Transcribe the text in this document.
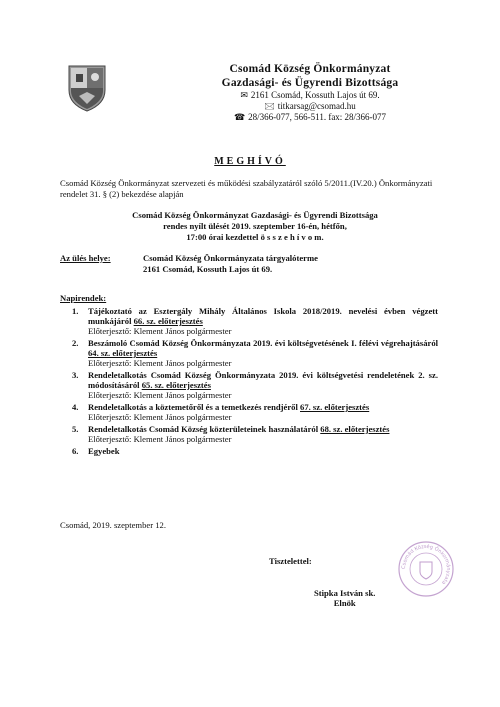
Csomád Község Önkormányzat
Gazdasági- és Ügyrendi Bizottsága
✉ 2161 Csomád, Kossuth Lajos út 69.
🖂 titkarsag@csomad.hu
☎ 28/366-077, 566-511. fax: 28/366-077
MEGHÍVÓ
Csomád Község Önkormányzat szervezeti és működési szabályzatáról szóló 5/2011.(IV.20.) Önkormányzati rendelet 31. § (2) bekezdése alapján
Csomád Község Önkormányzat Gazdasági- és Ügyrendi Bizottsága
rendes nyílt ülését 2019. szeptember 16-én, hétfőn,
17:00 órai kezdettel ö s s z e h í v o m.
Az ülés helye:	Csomád Község Önkormányzata tárgyalóterme
2161 Csomád, Kossuth Lajos út 69.
Napirendek:
1. Tájékoztató az Esztergály Mihály Általános Iskola 2018/2019. nevelési évben végzett munkájáról 66. sz. előterjesztés
Előterjesztő: Klement János polgármester
2. Beszámoló Csomád Község Önkormányzata 2019. évi költségvetésének I. félévi végrehajtásáról 64. sz. előterjesztés
Előterjesztő: Klement János polgármester
3. Rendeletalkotás Csomád Község Önkormányzata 2019. évi költségvetési rendeletének 2. sz. módosításáról 65. sz. előterjesztés
Előterjesztő: Klement János polgármester
4. Rendeletalkotás a köztemetőről és a temetkezés rendjéről 67. sz. előterjesztés
Előterjesztő: Klement János polgármester
5. Rendeletalkotás Csomád Község közterületeinek használatáról 68. sz. előterjesztés
Előterjesztő: Klement János polgármester
6. Egyebek
Csomád, 2019. szeptember 12.
Tisztelettel:
Stipka István sk.
Elnök
Csomád Község Önkormányzata
